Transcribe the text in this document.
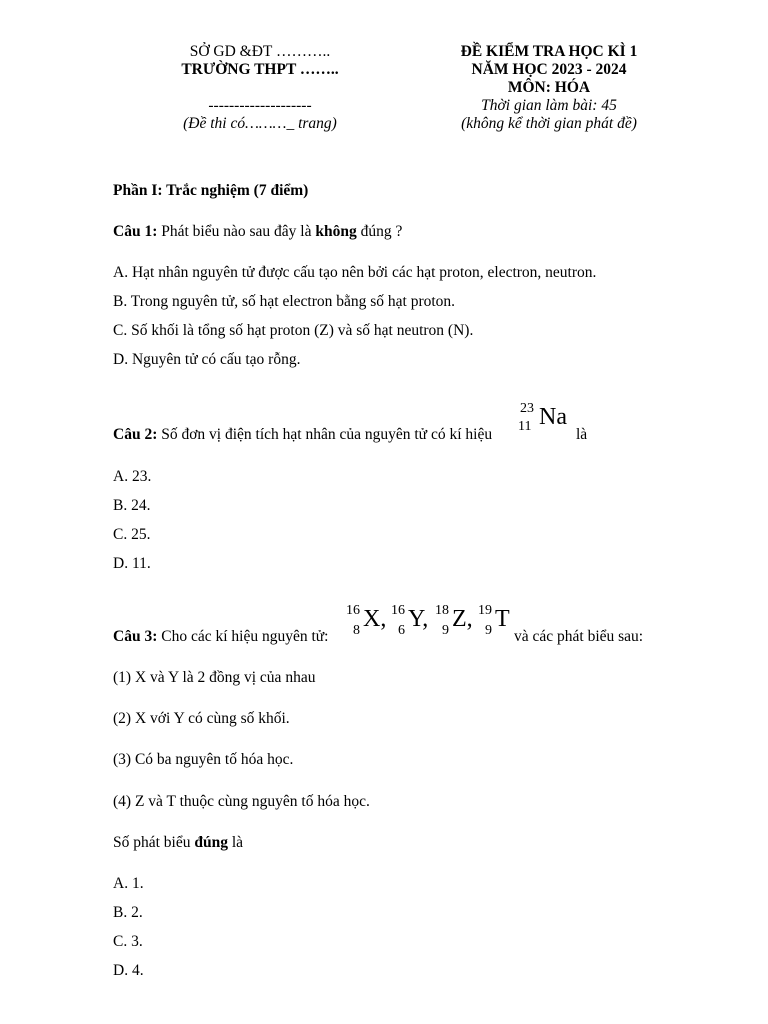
SỞ GD &ĐT ………..
TRƯỜNG THPT ……..
--------------------
(Đề thi có………_ trang)
ĐỀ KIỂM TRA HỌC KÌ 1
NĂM HỌC 2023 - 2024
MÔN: HÓA
Thời gian làm bài: 45
(không kể thời gian phát đề)
Phần I: Trắc nghiệm (7 điểm)
Câu 1: Phát biểu nào sau đây là không đúng ?
A. Hạt nhân nguyên tử được cấu tạo nên bởi các hạt proton, electron, neutron.
B. Trong nguyên tử, số hạt electron bằng số hạt proton.
C. Số khối là tổng số hạt proton (Z) và số hạt neutron (N).
D. Nguyên tử có cấu tạo rỗng.
Câu 2: Số đơn vị điện tích hạt nhân của nguyên tử có kí hiệu
23
11 Na
là
A. 23.
B. 24.
C. 25.
D. 11.
Câu 3: Cho các kí hiệu nguyên tử:
16
8 X, 16
6 Y, 18
9 Z, 19
9 T
và các phát biểu sau:
(1) X và Y là 2 đồng vị của nhau
(2) X với Y có cùng số khối.
(3) Có ba nguyên tố hóa học.
(4) Z và T thuộc cùng nguyên tố hóa học.
Số phát biểu đúng là
A. 1.
B. 2.
C. 3.
D. 4.
